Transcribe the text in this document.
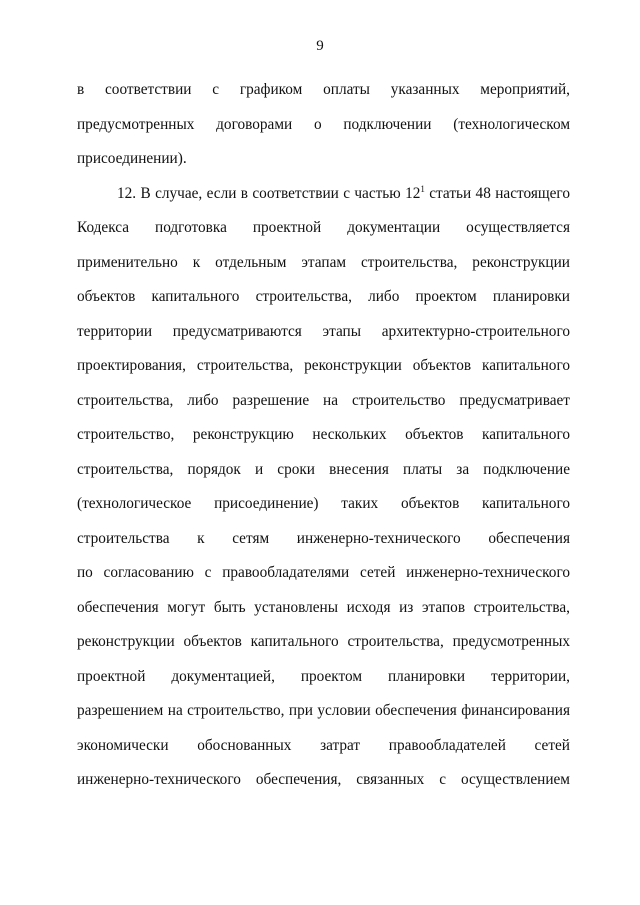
9
в соответствии с графиком оплаты указанных мероприятий,
предусмотренных договорами о подключении (технологическом
присоединении).
12. В случае, если в соответствии с частью $12^1$ статьи 48 настоящего
Кодекса подготовка проектной документации осуществляется
применительно к отдельным этапам строительства, реконструкции
объектов капитального строительства, либо проектом планировки
территории предусматриваются этапы архитектурно-строительного
проектирования, строительства, реконструкции объектов капитального
строительства, либо разрешение на строительство предусматривает
строительство, реконструкцию нескольких объектов капитального
строительства, порядок и сроки внесения платы за подключение
(технологическое присоединение) таких объектов капитального
строительства к сетям инженерно-технического обеспечения
по согласованию с правообладателями сетей инженерно-технического
обеспечения могут быть установлены исходя из этапов строительства,
реконструкции объектов капитального строительства, предусмотренных
проектной документацией, проектом планировки территории,
разрешением на строительство, при условии обеспечения финансирования
экономически обоснованных затрат правообладателей сетей
инженерно-технического обеспечения, связанных с осуществлением
